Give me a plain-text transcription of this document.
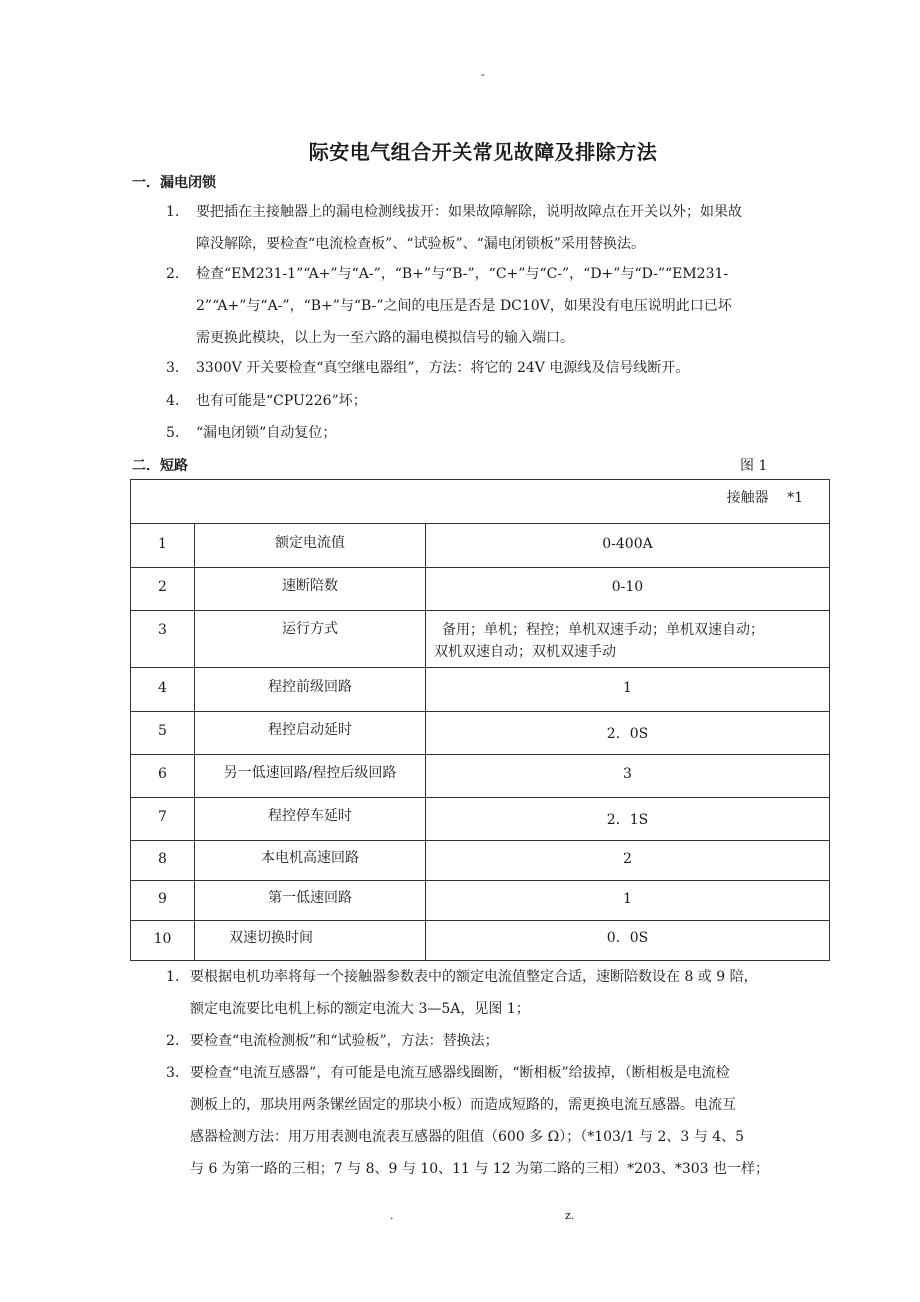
-
际安电气组合开关常见故障及排除方法
一．漏电闭锁
1. 要把插在主接触器上的漏电检测线拔开：如果故障解除，说明故障点在开关以外；如果故
障没解除，要检查“电流检查板”、“试验板”、“漏电闭锁板”采用替换法。
2. 检查“EM231-1”“A+”与“A-”，“B+”与“B-”，“C+”与“C-”，“D+”与“D-”“EM231-
2”“A+”与“A-”，“B+”与“B-”之间的电压是否是 DC10V，如果没有电压说明此口已坏
需更换此模块，以上为一至六路的漏电模拟信号的输入端口。
3. 3300V 开关要检查“真空继电器组”，方法：将它的 24V 电源线及信号线断开。
4. 也有可能是“CPU226”坏；
5. “漏电闭锁”自动复位；
二．短路	图 1
接触器　 *1		

1	额定电流值	0-400A

2	速断陪数	0-10

3	运行方式	备用；单机；程控；单机双速手动；单机双速自动；
双机双速自动；双机双速手动

4	程控前级回路	1

5	程控启动延时	2．0S

6	另一低速回路/程控后级回路	3

7	程控停车延时	2．1S

8	本电机高速回路	2

9	第一低速回路	1

10	双速切换时间	0．0S
1. 要根据电机功率将每一个接触器参数表中的额定电流值整定合适，速断陪数设在 8 或 9 陪，
额定电流要比电机上标的额定电流大 3—5A，见图 1；
2. 要检查“电流检测板”和“试验板”，方法：替换法；
3. 要检查“电流互感器”，有可能是电流互感器线圈断，“断相板”给拔掉，（断相板是电流检
测板上的，那块用两条镙丝固定的那块小板）而造成短路的，需更换电流互感器。电流互
感器检测方法：用万用表测电流表互感器的阻值（600 多 Ω）；（*103/1 与 2、3 与 4、5
与 6 为第一路的三相；7 与 8、9 与 10、11 与 12 为第二路的三相）*203、*303 也一样；
.	z.
